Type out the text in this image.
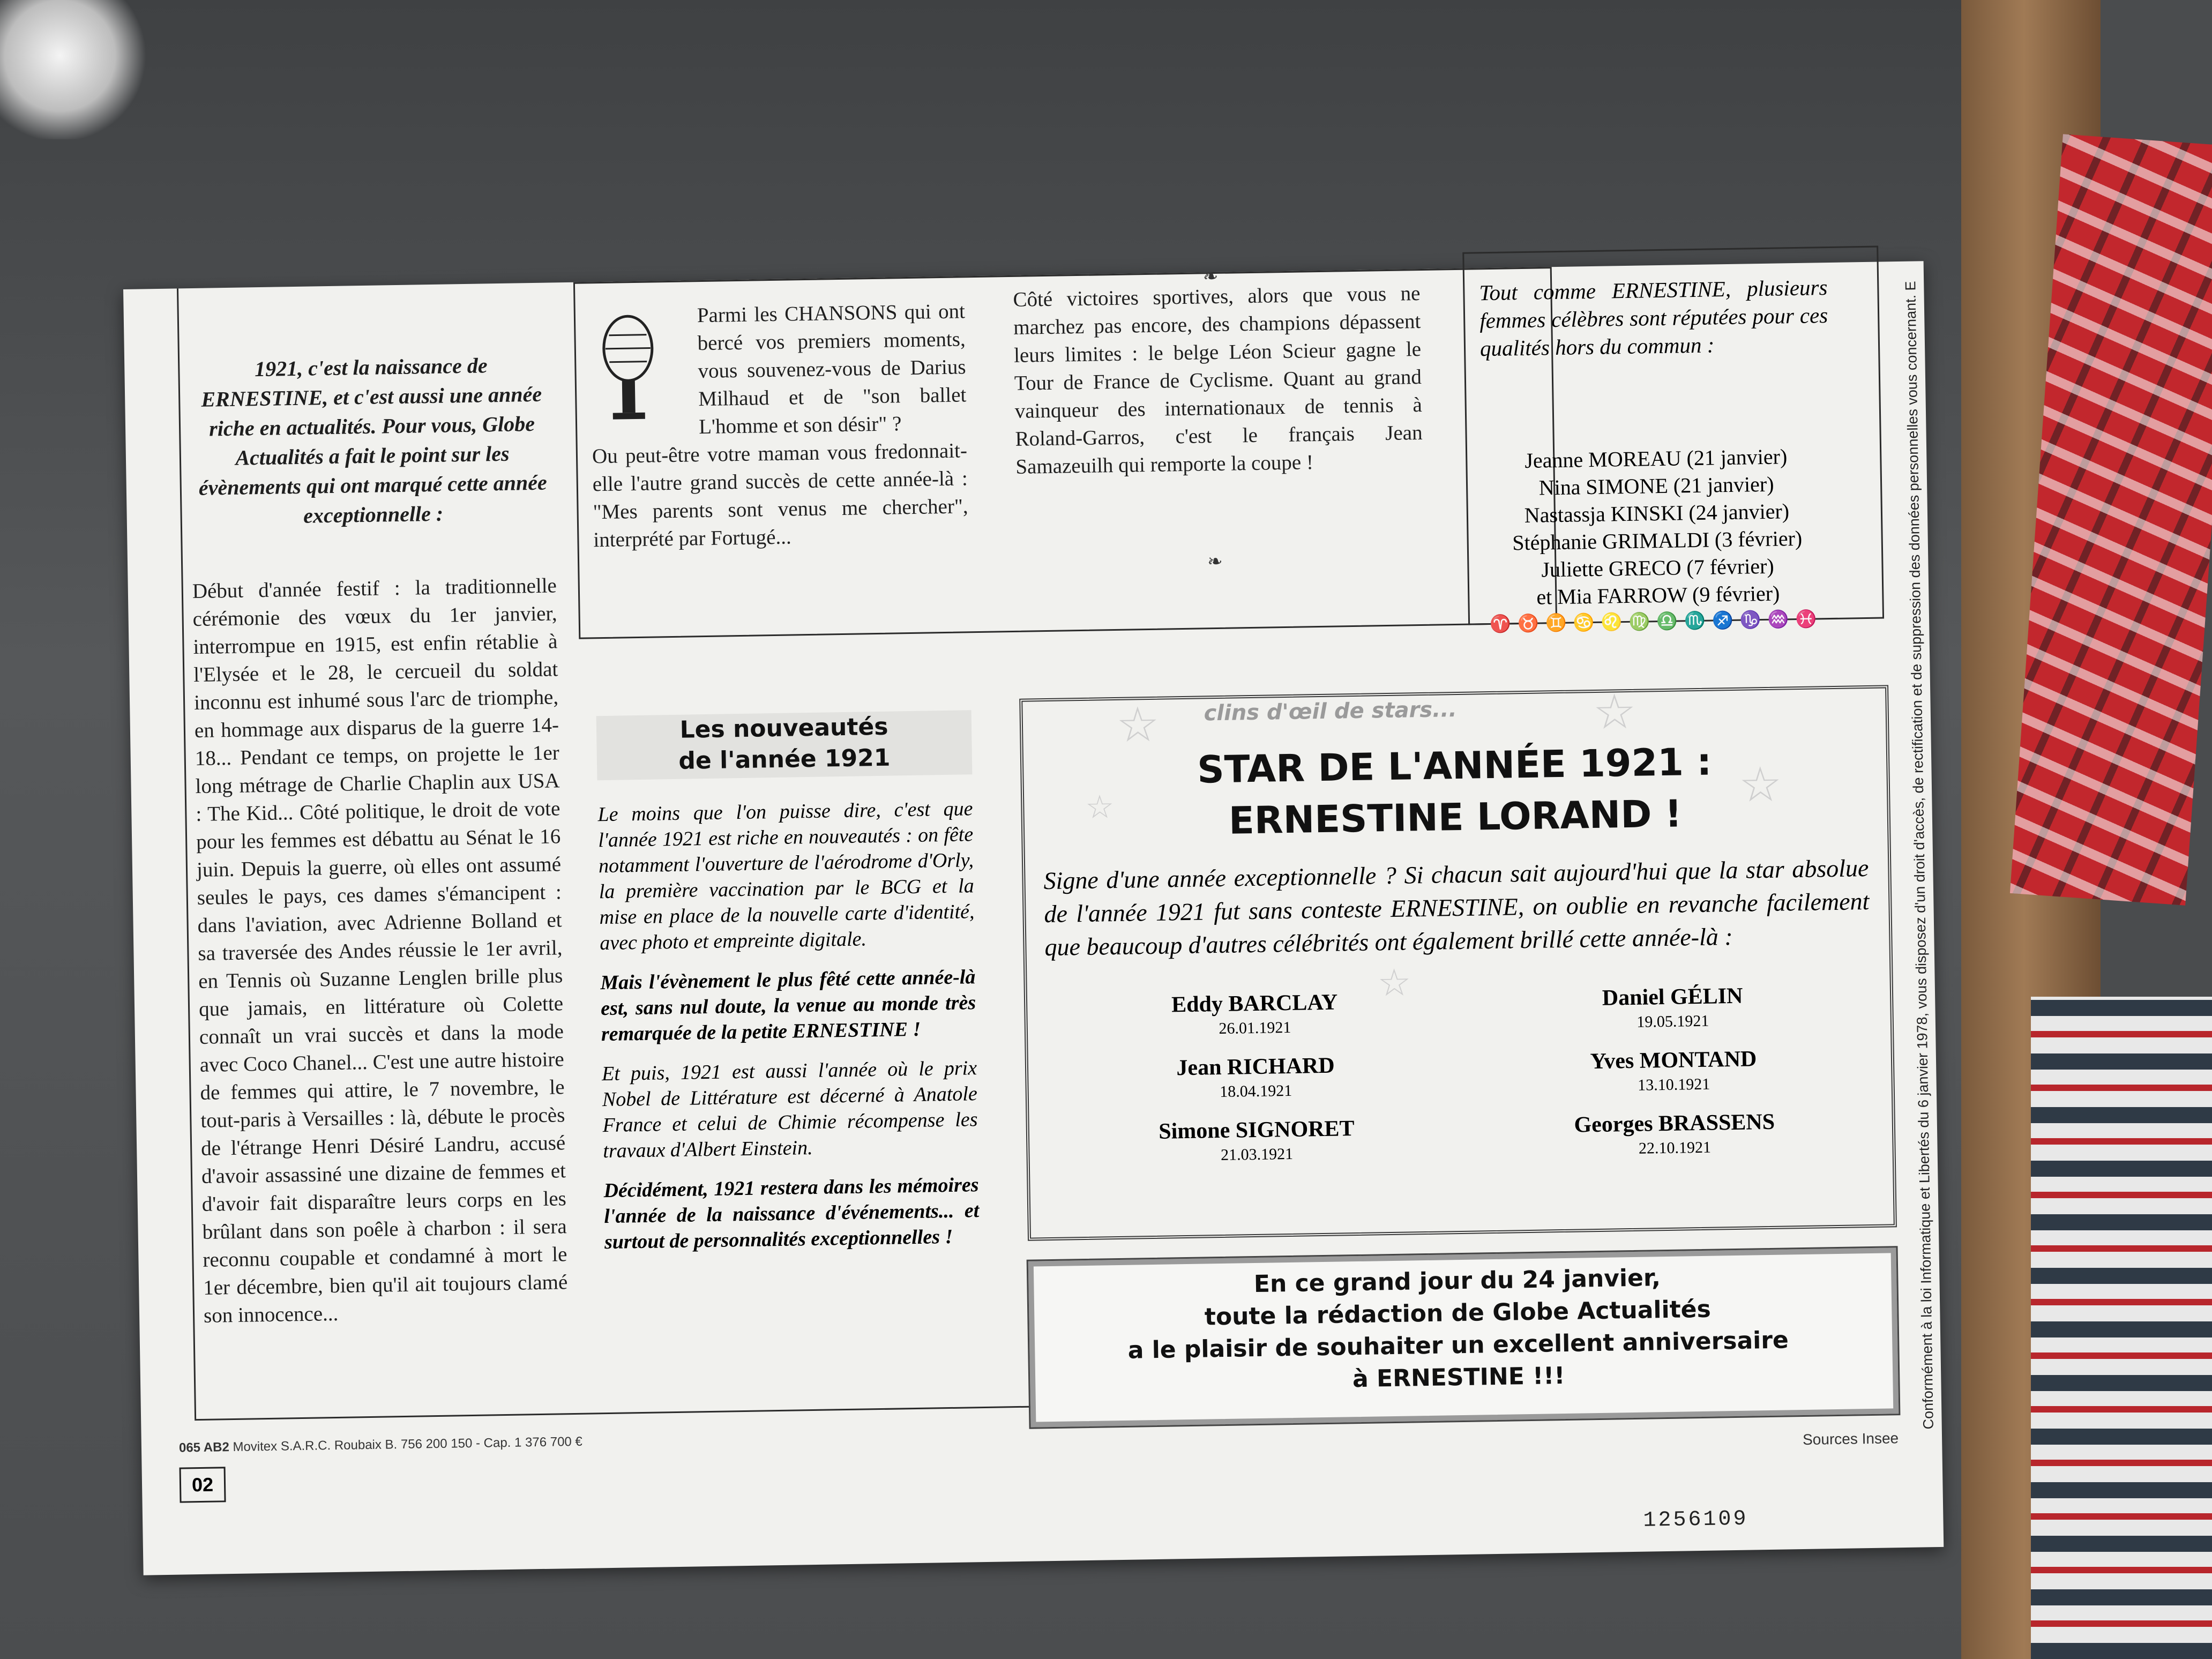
1921, c'est la naissance de ERNESTINE, et c'est aussi une année riche en actualités. Pour vous, Globe Actualités a fait le point sur les évènements qui ont marqué cette année exceptionnelle :
Début d'année festif : la traditionnelle cérémonie des vœux du 1er janvier, interrompue en 1915, est enfin rétablie à l'Elysée et le 28, le cercueil du soldat inconnu est inhumé sous l'arc de triomphe, en hommage aux disparus de la guerre 14-18... Pendant ce temps, on projette le 1er long métrage de Charlie Chaplin aux USA : The Kid... Côté politique, le droit de vote pour les femmes est débattu au Sénat le 16 juin. Depuis la guerre, où elles ont assumé seules le pays, ces dames s'émancipent : dans l'aviation, avec Adrienne Bolland et sa traversée des Andes réussie le 1er avril, en Tennis où Suzanne Lenglen brille plus que jamais, en littérature où Colette connaît un vrai succès et dans la mode avec Coco Chanel... C'est une autre histoire de femmes qui attire, le 7 novembre, le tout-paris à Versailles : là, débute le procès de l'étrange Henri Désiré Landru, accusé d'avoir assassiné une dizaine de femmes et d'avoir fait disparaître leurs corps en les brûlant dans son poêle à charbon : il sera reconnu coupable et condamné à mort le 1er décembre, bien qu'il ait toujours clamé son innocence...

Parmi les CHANSONS qui ont bercé vos premiers moments, vous souvenez-vous de Darius Milhaud et de "son ballet L'homme et son désir" ?

Ou peut-être votre maman vous fredonnait-elle l'autre grand succès de cette année-là : "Mes parents sont venus me chercher", interprété par Fortugé...

❧

Côté victoires sportives, alors que vous ne marchez pas encore, des champions dépassent leurs limites : le belge Léon Scieur gagne le Tour de France de Cyclisme. Quant au grand vainqueur des internationaux de tennis à Roland-Garros, c'est le français Jean Samazeuilh qui remporte la coupe !

❧
Tout comme ERNESTINE, plusieurs femmes célèbres sont réputées pour ces qualités hors du commun :
Jeanne MOREAU (21 janvier)
Nina SIMONE (21 janvier)
Nastassja KINSKI (24 janvier)
Stéphanie GRIMALDI (3 février)
Juliette GRECO (7 février)
et Mia FARROW (9 février)
♈♉♊♋♌♍♎♏♐♑♒♓
Les nouveautés
de l'année 1921

Le moins que l'on puisse dire, c'est que l'année 1921 est riche en nouveautés : on fête notamment l'ouverture de l'aérodrome d'Orly, la première vaccination par le BCG et la mise en place de la nouvelle carte d'identité, avec photo et empreinte digitale.

Mais l'évènement le plus fêté cette année-là est, sans nul doute, la venue au monde très remarquée de la petite ERNESTINE !

Et puis, 1921 est aussi l'année où le prix Nobel de Littérature est décerné à Anatole France et celui de Chimie récompense les travaux d'Albert Einstein.

Décidément, 1921 restera dans les mémoires l'année de la naissance d'événements... et surtout de personnalités exceptionnelles !

☆	☆
☆
☆
☆
clins d'œil de stars...
STAR DE L'ANNÉE 1921 :
ERNESTINE LORAND !
Signe d'une année exceptionnelle ? Si chacun sait aujourd'hui que la star absolue de l'année 1921 fut sans conteste ERNESTINE, on oublie en revanche facilement que beaucoup d'autres célébrités ont également brillé cette année-là :
Eddy BARCLAY
26.01.1921
Jean RICHARD
18.04.1921
Simone SIGNORET
21.03.1921
Daniel GÉLIN
19.05.1921
Yves MONTAND
13.10.1921
Georges BRASSENS
22.10.1921
En ce grand jour du 24 janvier,
toute la rédaction de Globe Actualités
a le plaisir de souhaiter un excellent anniversaire
à ERNESTINE !!!
065 AB2 Movitex S.A.R.C. Roubaix B. 756 200 150 - Cap. 1 376 700 €
02
Sources Insee
1256109
Conformément à la loi Informatique et Libertés du 6 janvier 1978, vous disposez d'un droit d'accès, de rectification et de suppression des données personnelles vous concernant. E
